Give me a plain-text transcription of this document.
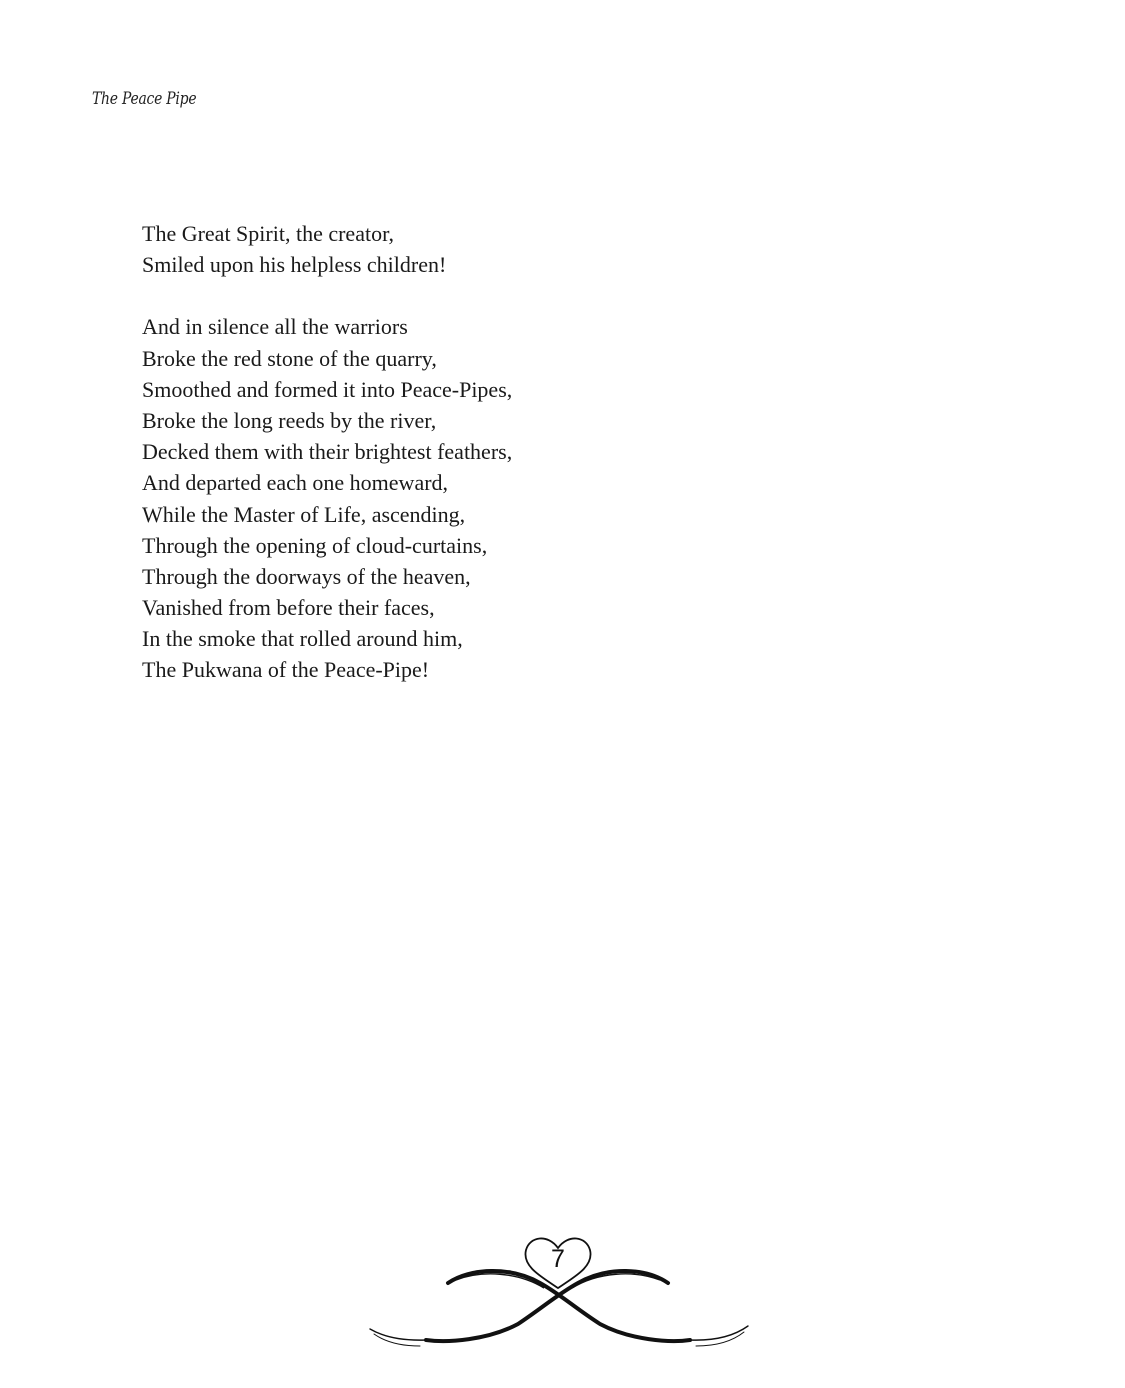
The Peace Pipe
The Great Spirit, the creator,
Smiled upon his helpless children!
And in silence all the warriors
Broke the red stone of the quarry,
Smoothed and formed it into Peace-Pipes,
Broke the long reeds by the river,
Decked them with their brightest feathers,
And departed each one homeward,
While the Master of Life, ascending,
Through the opening of cloud-curtains,
Through the doorways of the heaven,
Vanished from before their faces,
In the smoke that rolled around him,
The Pukwana of the Peace-Pipe!
7
